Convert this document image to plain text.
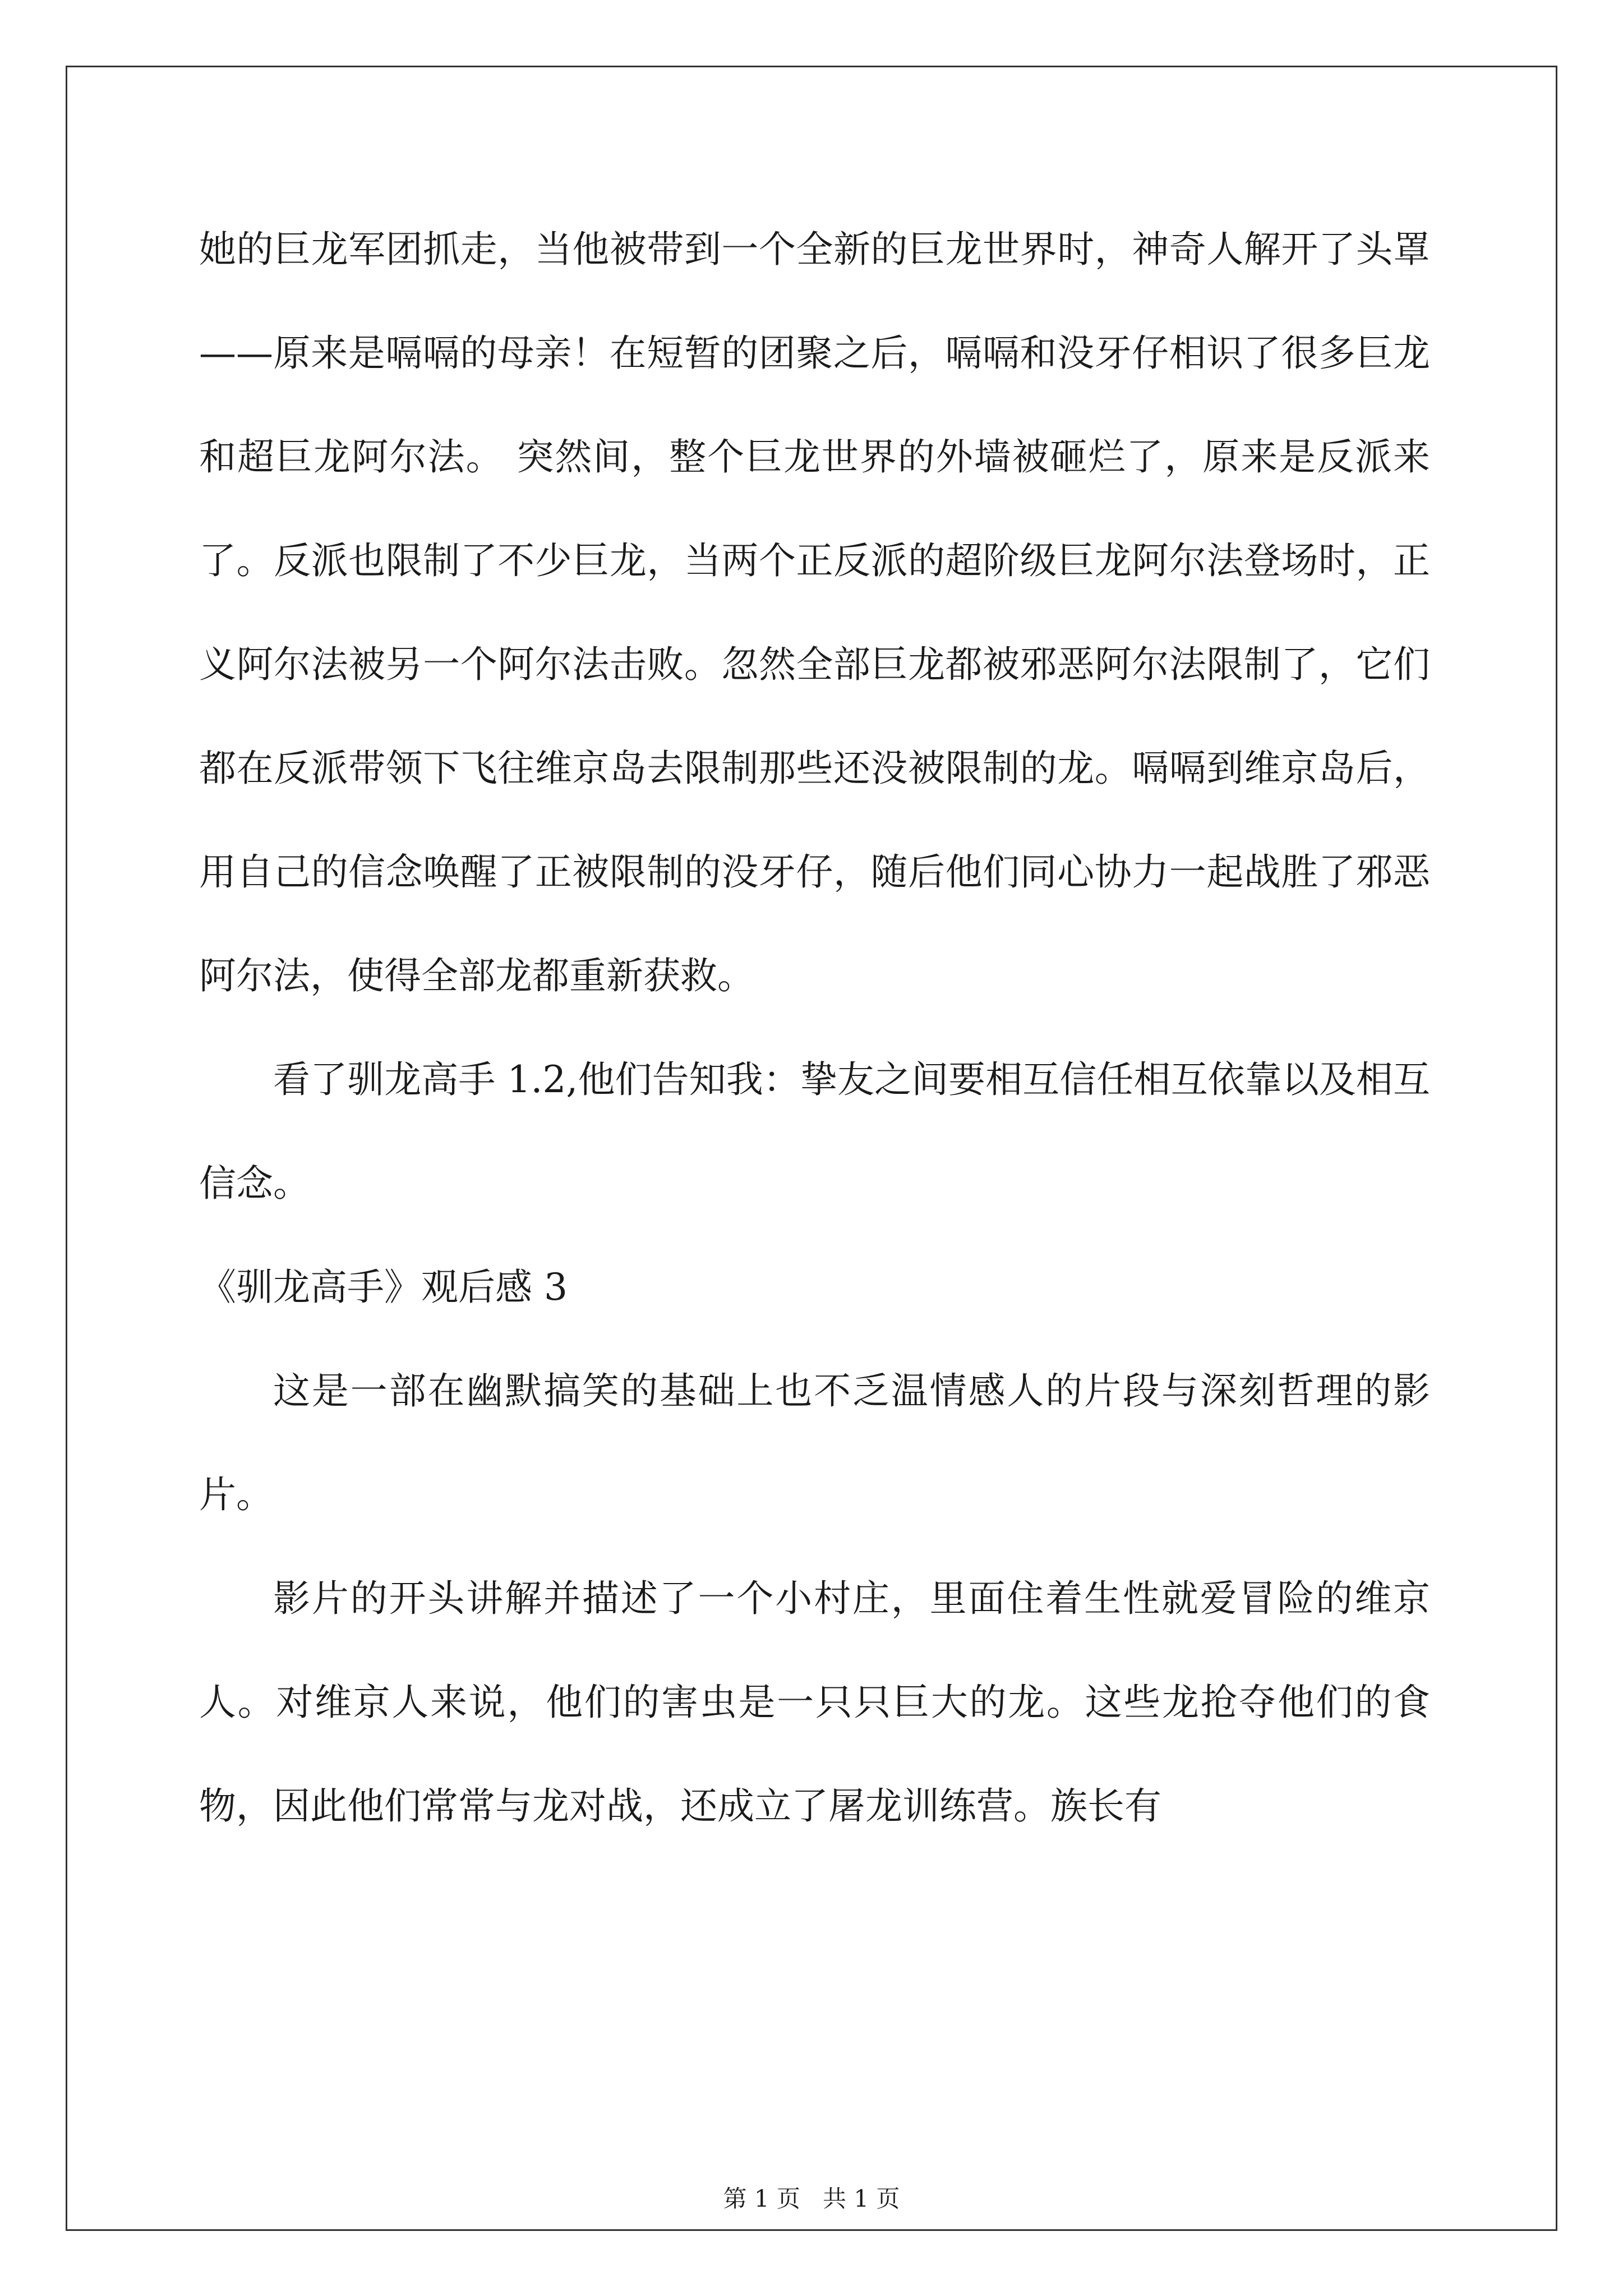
她的巨龙军团抓走，当他被带到一个全新的巨龙世界时，神奇人解开了头罩——原来是嗝嗝的母亲！在短暂的团聚之后，嗝嗝和没牙仔相识了很多巨龙和超巨龙阿尔法。 突然间，整个巨龙世界的外墙被砸烂了，原来是反派来了。反派也限制了不少巨龙，当两个正反派的超阶级巨龙阿尔法登场时，正义阿尔法被另一个阿尔法击败。忽然全部巨龙都被邪恶阿尔法限制了，它们都在反派带领下飞往维京岛去限制那些还没被限制的龙。嗝嗝到维京岛后，用自己的信念唤醒了正被限制的没牙仔，随后他们同心协力一起战胜了邪恶阿尔法，使得全部龙都重新获救。

看了驯龙高手 1.2,他们告知我：挚友之间要相互信任相互依靠以及相互信念。

《驯龙高手》观后感 3

这是一部在幽默搞笑的基础上也不乏温情感人的片段与深刻哲理的影片。

影片的开头讲解并描述了一个小村庄，里面住着生性就爱冒险的维京人。对维京人来说，他们的害虫是一只只巨大的龙。这些龙抢夺他们的食物，因此他们常常与龙对战，还成立了屠龙训练营。族长有

第 1 页 共 1 页
